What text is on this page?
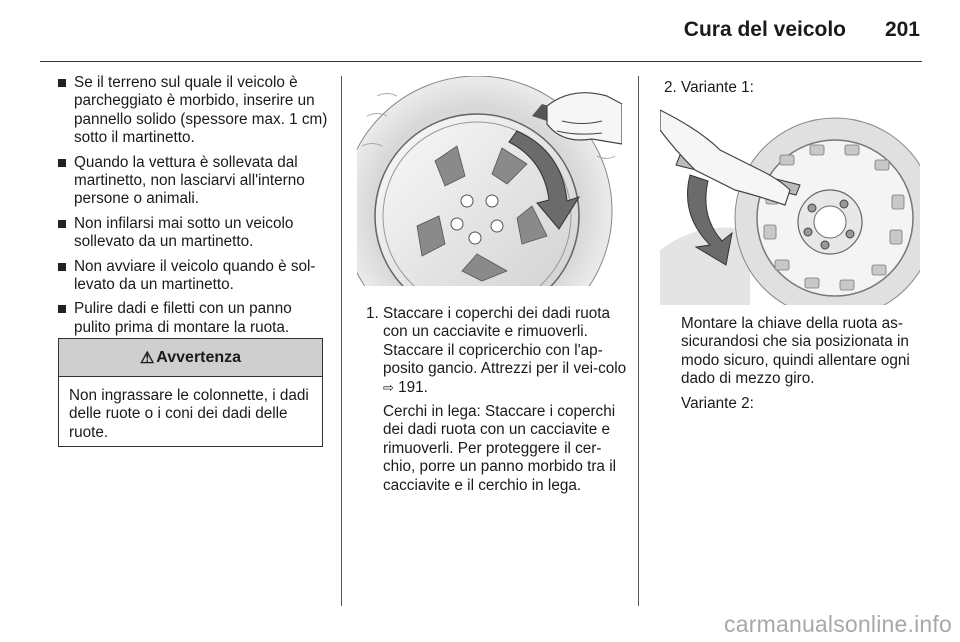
Cura del veicolo 201
Se il terreno sul quale il veicolo è parcheggiato è morbido, inserire un pannello solido (spessore max. 1 cm) sotto il martinetto.
Quando la vettura è sollevata dal martinetto, non lasciarvi all'interno persone o animali.
Non infilarsi mai sotto un veicolo sollevato da un martinetto.
Non avviare il veicolo quando è sol-levato da un martinetto.
Pulire dadi e filetti con un panno pulito prima di montare la ruota.
⚠ Avvertenza
Non ingrassare le colonnette, i dadi delle ruote o i coni dei dadi delle ruote.
1. Staccare i coperchi dei dadi ruota con un cacciavite e rimuoverli. Staccare il copricerchio con l'ap-posito gancio. Attrezzi per il vei-colo ⇨ 191.

Cerchi in lega: Staccare i coperchi dei dadi ruota con un cacciavite e rimuoverli. Per proteggere il cer-chio, porre un panno morbido tra il cacciavite e il cerchio in lega.

2. Variante 1:

Montare la chiave della ruota as-sicurandosi che sia posizionata in modo sicuro, quindi allentare ogni dado di mezzo giro.

Variante 2:

carmanualsonline.info
